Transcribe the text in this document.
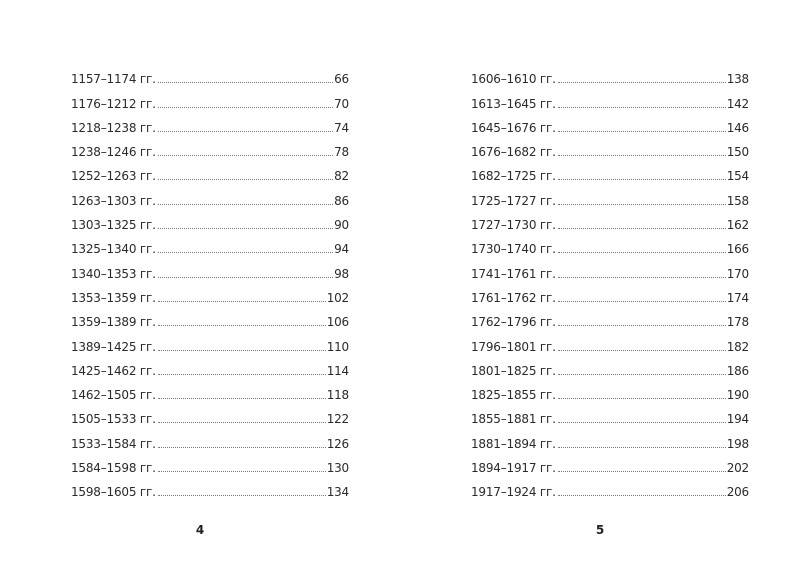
1157–1174 гг.	66
1176–1212 гг.	70
1218–1238 гг.	74
1238–1246 гг.	78
1252–1263 гг.	82
1263–1303 гг.	86
1303–1325 гг.	90
1325–1340 гг.	94
1340–1353 гг.	98
1353–1359 гг.	102
1359–1389 гг.	106
1389–1425 гг.	110
1425–1462 гг.	114
1462–1505 гг.	118
1505–1533 гг.	122
1533–1584 гг.	126
1584–1598 гг.	130
1598–1605 гг.	134
4
1606–1610 гг.	138
1613–1645 гг.	142
1645–1676 гг.	146
1676–1682 гг.	150
1682–1725 гг.	154
1725–1727 гг.	158
1727–1730 гг.	162
1730–1740 гг.	166
1741–1761 гг.	170
1761–1762 гг.	174
1762–1796 гг.	178
1796–1801 гг.	182
1801–1825 гг.	186
1825–1855 гг.	190
1855–1881 гг.	194
1881–1894 гг.	198
1894–1917 гг.	202
1917–1924 гг.	206
5
